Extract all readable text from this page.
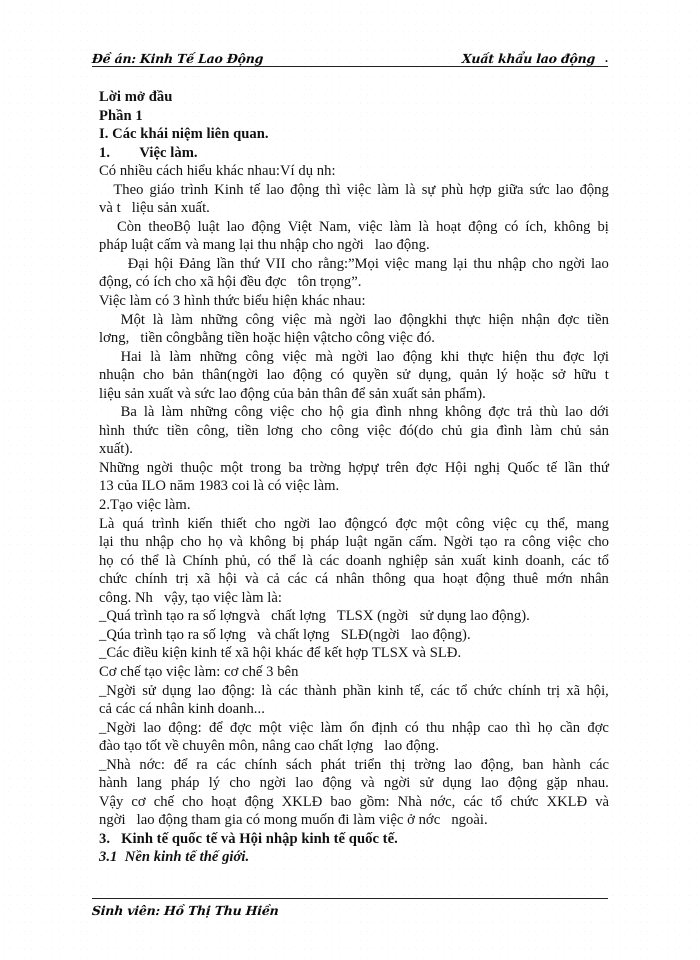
Đề án: Kinh Tế Lao Động	Xuất khẩu lao động .
Lời mở đầu
Phần 1
I. Các khái niệm liên quan.
1.        Việc làm.
Có nhiều cách hiểu khác nhau:Ví dụ nh:
Theo giáo trình Kinh tế lao động thì việc làm là sự phù hợp giữa sức lao động
và t   liệu sản xuất.
Còn theoBộ luật lao động Việt Nam, việc làm là hoạt động có ích, không bị
pháp luật cấm và mang lại thu nhập cho ngời   lao động.
Đại hội Đảng lần thứ VII cho rằng:”Mọi việc mang lại thu nhập cho ngời lao
động, có ích cho xã hội đều đợc   tôn trọng”.
Việc làm có 3 hình thức biểu hiện khác nhau:
Một là làm những công việc mà ngời lao độngkhi thực hiện nhận đợc tiền
lơng,   tiền côngbằng tiền hoặc hiện vậtcho công việc đó.
Hai là làm những công việc mà ngời lao động khi thực hiện thu đợc lợi
nhuận cho bản thân(ngời lao động có quyền sử dụng, quản lý hoặc sở hữu t
liệu sản xuất và sức lao động của bản thân để sản xuất sản phẩm).
Ba là làm những công việc cho hộ gia đình nhng không đợc trả thù lao dới
hình thức tiền công, tiền lơng cho công việc đó(do chủ gia đình làm chủ sản
xuất).
Những ngời thuộc một trong ba trờng hợpự trên đợc Hội nghị Quốc tế lần thứ
13 của ILO năm 1983 coi là có việc làm.
2.Tạo việc làm.
Là quá trình kiến thiết cho ngời lao độngcó đợc một công việc cụ thể, mang
lại thu nhập cho họ và không bị pháp luật ngăn cấm. Ngời tạo ra công việc cho
họ có thể là Chính phủ, có thể là các doanh nghiệp sản xuất kinh doanh, các tổ
chức chính trị xã hội và cả các cá nhân thông qua hoạt động thuê mớn nhân
công. Nh   vậy, tạo việc làm là:
_Quá trình tạo ra số lợngvà   chất lợng   TLSX (ngời   sử dụng lao động).
_Qúa trình tạo ra số lợng   và chất lợng   SLĐ(ngời   lao động).
_Các điều kiện kinh tế xã hội khác để kết hợp TLSX và SLĐ.
Cơ chế tạo việc làm: cơ chế 3 bên
_Ngời sử dụng lao động: là các thành phần kinh tế, các tổ chức chính trị xã hội,
cả các cá nhân kinh doanh...
_Ngời lao động: để đợc một việc làm ổn định có thu nhập cao thì họ cần đợc
đào tạo tốt về chuyên môn, nâng cao chất lợng   lao động.
_Nhà nớc: để ra các chính sách phát triển thị trờng lao động, ban hành các
hành lang pháp lý cho ngời lao động và ngời sử dụng lao động gặp nhau.
Vậy cơ chế cho hoạt động XKLĐ bao gồm: Nhà nớc, các tổ chức XKLĐ và
ngời   lao động tham gia có mong muốn đi làm việc ở nớc   ngoài.
3.   Kinh tế quốc tế và Hội nhập kinh tế quốc tế.
3.1  Nền kinh tế thế giới.
Sinh viên: Hồ Thị Thu Hiền
